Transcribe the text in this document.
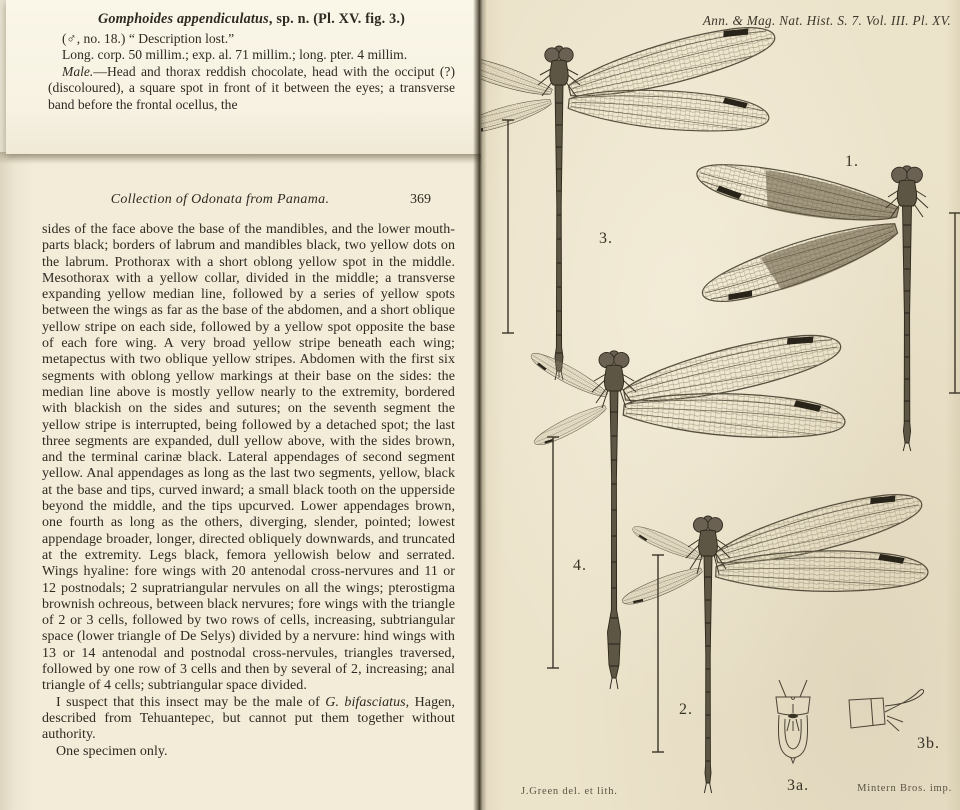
Gomphoides appendiculatus, sp. n. (Pl. XV. fig. 3.)

(♂, no. 18.) “ Description lost.”

Long. corp. 50 millim.; exp. al. 71 millim.; long. pter. 4 millim.

Male.—Head and thorax reddish chocolate, head with the occiput (?) (discoloured), a square spot in front of it between the eyes; a transverse band before the frontal ocellus, the

Collection of Odonata from Panama.	369

sides of the face above the base of the mandibles, and the lower mouth-parts black; borders of labrum and mandibles black, two yellow dots on the labrum. Prothorax with a short oblong yellow spot in the middle. Mesothorax with a yellow collar, divided in the middle; a transverse expanding yellow median line, followed by a series of yellow spots between the wings as far as the base of the abdomen, and a short oblique yellow stripe on each side, followed by a yellow spot opposite the base of each fore wing. A very broad yellow stripe beneath each wing; metapectus with two oblique yellow stripes. Abdomen with the first six segments with oblong yellow markings at their base on the sides: the median line above is mostly yellow nearly to the extremity, bordered with blackish on the sides and sutures; on the seventh segment the yellow stripe is interrupted, being followed by a detached spot; the last three segments are expanded, dull yellow above, with the sides brown, and the terminal carinæ black. Lateral appendages of second segment yellow. Anal appendages as long as the last two segments, yellow, black at the base and tips, curved inward; a small black tooth on the upperside beyond the middle, and the tips upcurved. Lower appendages brown, one fourth as long as the others, diverging, slender, pointed; lowest appendage broader, longer, directed obliquely downwards, and truncated at the extremity. Legs black, femora yellowish below and serrated. Wings hyaline: fore wings with 20 antenodal cross-nervures and 11 or 12 postnodals; 2 supratriangular nervules on all the wings; pterostigma brownish ochreous, between black nervures; fore wings with the triangle of 2 or 3 cells, followed by two rows of cells, increasing, subtriangular space (lower triangle of De Selys) divided by a nervure: hind wings with 13 or 14 antenodal and postnodal cross-nervules, triangles traversed, followed by one row of 3 cells and then by several of 2, increasing; anal triangle of 4 cells; subtriangular space divided.

I suspect that this insect may be the male of G. bifasciatus, Hagen, described from Tehuantepec, but cannot put them together without authority.

One specimen only.

Ann. & Mag. Nat. Hist. S. 7. Vol. III. Pl. XV.
3.
1.
4.
2.
3a.
3b.
J.Green del. et lith.	Mintern Bros. imp.
